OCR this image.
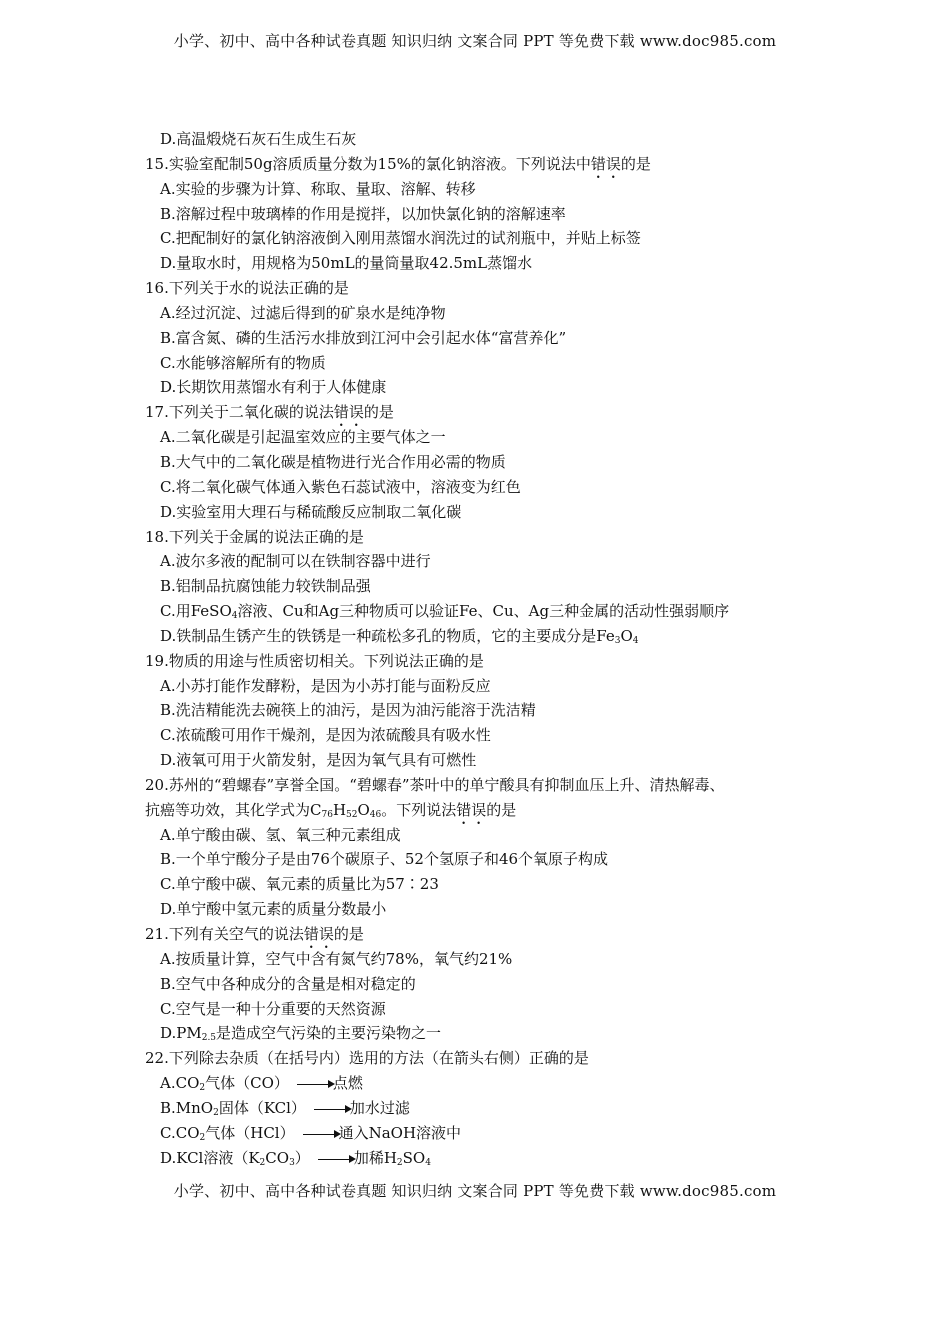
小学、初中、高中各种试卷真题 知识归纳 文案合同 PPT 等免费下载 www.doc985.com
D.高温煅烧石灰石生成生石灰
15.实验室配制50g溶质质量分数为15%的氯化钠溶液。下列说法中错误的是
A.实验的步骤为计算、称取、量取、溶解、转移
B.溶解过程中玻璃棒的作用是搅拌，以加快氯化钠的溶解速率
C.把配制好的氯化钠溶液倒入刚用蒸馏水润洗过的试剂瓶中，并贴上标签
D.量取水时，用规格为50mL的量筒量取42.5mL蒸馏水
16.下列关于水的说法正确的是
A.经过沉淀、过滤后得到的矿泉水是纯净物
B.富含氮、磷的生活污水排放到江河中会引起水体“富营养化”
C.水能够溶解所有的物质
D.长期饮用蒸馏水有利于人体健康
17.下列关于二氧化碳的说法错误的是
A.二氧化碳是引起温室效应的主要气体之一
B.大气中的二氧化碳是植物进行光合作用必需的物质
C.将二氧化碳气体通入紫色石蕊试液中，溶液变为红色
D.实验室用大理石与稀硫酸反应制取二氧化碳
18.下列关于金属的说法正确的是
A.波尔多液的配制可以在铁制容器中进行
B.铝制品抗腐蚀能力较铁制品强
C.用FeSO$_4$溶液、Cu和Ag三种物质可以验证Fe、Cu、Ag三种金属的活动性强弱顺序
D.铁制品生锈产生的铁锈是一种疏松多孔的物质，它的主要成分是$Fe_3O_4$
19.物质的用途与性质密切相关。下列说法正确的是
A.小苏打能作发酵粉，是因为小苏打能与面粉反应
B.洗洁精能洗去碗筷上的油污，是因为油污能溶于洗洁精
C.浓硫酸可用作干燥剂，是因为浓硫酸具有吸水性
D.液氧可用于火箭发射，是因为氧气具有可燃性
20.苏州的“碧螺春”享誉全国。“碧螺春”茶叶中的单宁酸具有抑制血压上升、清热解毒、
抗癌等功效，其化学式为$C_{76}H_{52}O_{46}$。下列说法错误的是
A.单宁酸由碳、氢、氧三种元素组成
B.一个单宁酸分子是由76个碳原子、52个氢原子和46个氧原子构成
C.单宁酸中碳、氧元素的质量比为57∶23
D.单宁酸中氢元素的质量分数最小
21.下列有关空气的说法错误的是
A.按质量计算，空气中含有氮气约78%，氧气约21%
B.空气中各种成分的含量是相对稳定的
C.空气是一种十分重要的天然资源
$D.PM_{2.5}$是造成空气污染的主要污染物之一
22.下列除去杂质（在括号内）选用的方法（在箭头右侧）正确的是
$A.CO_2$气体（CO）	点燃
B.MnO$_2$固体（KCl）	加水过滤
$C.CO_2$气体（HCl）	通入NaOH溶液中
D.KCl溶液$(K_2CO_3)$	加稀$H_2SO_4$
小学、初中、高中各种试卷真题 知识归纳 文案合同 PPT 等免费下载 www.doc985.com
